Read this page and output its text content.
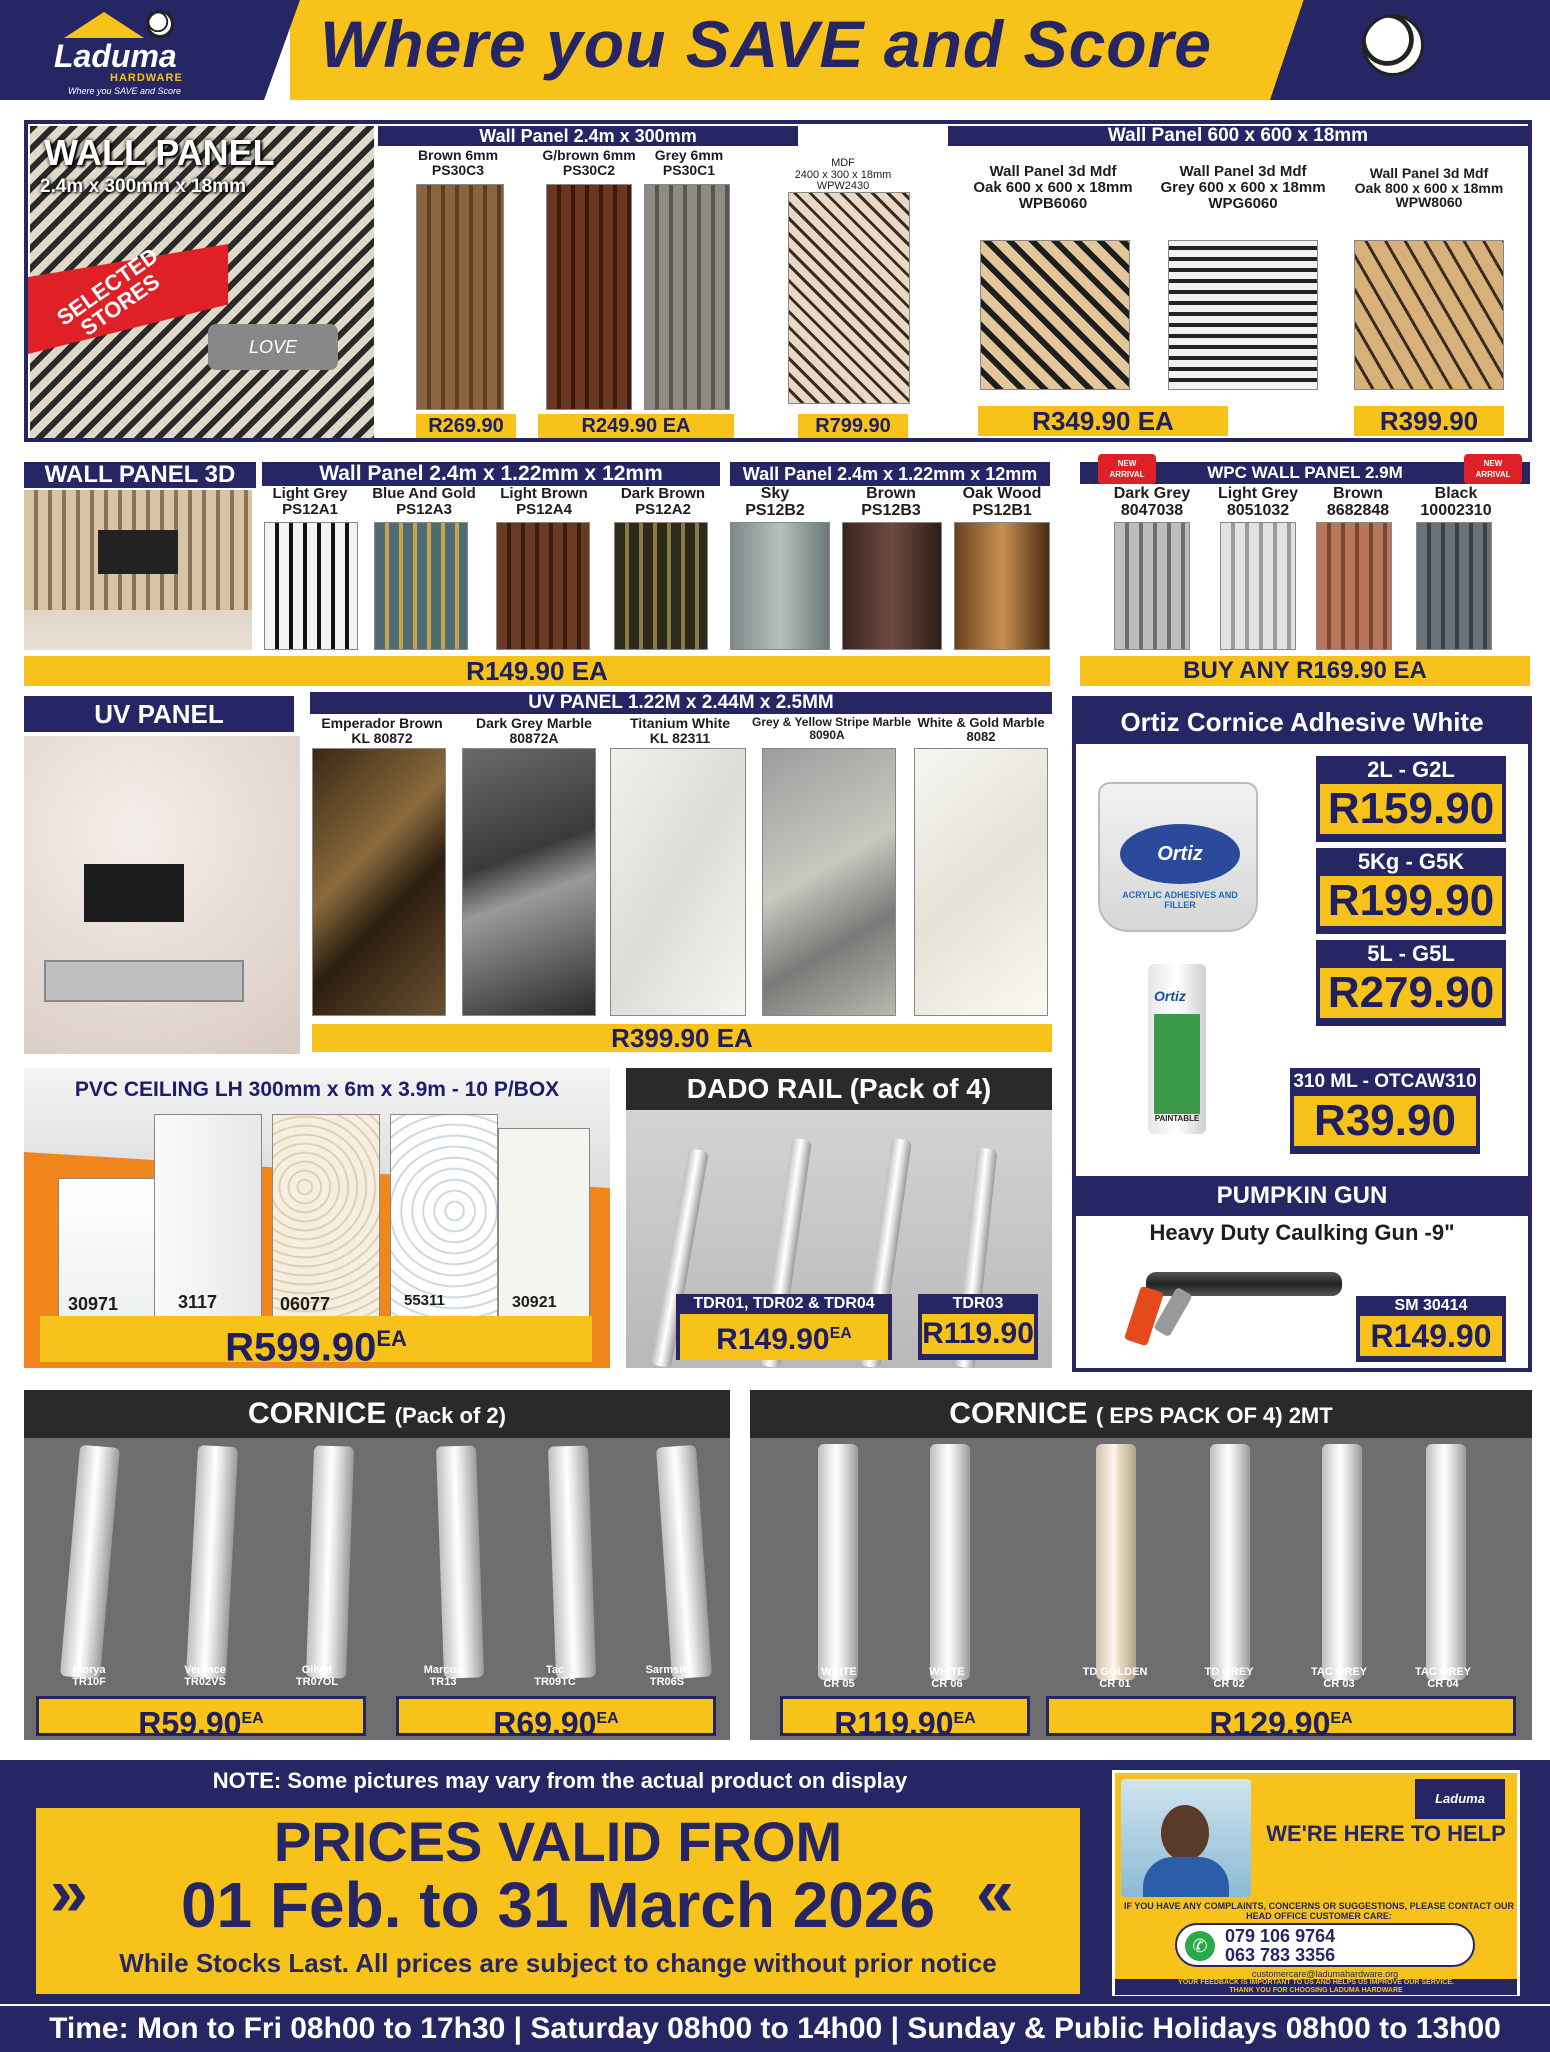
Laduma
HARDWARE
Where you SAVE and Score
Where you SAVE and Score
LOVE
SELECTED STORES
WALL PANEL
2.4m x 300mm x 18mm
Wall Panel 2.4m x 300mm	Wall Panel 600 x 600 x 18mm
Brown 6mm
PS30C3
G/brown 6mm
PS30C2
Grey 6mm
PS30C1	MDF
2400 x 300 x 18mm
WPW2430
R269.90	R249.90 EA	R799.90
Wall Panel 3d Mdf
Oak 600 x 600 x 18mm
WPB6060
Wall Panel 3d Mdf
Grey 600 x 600 x 18mm
WPG6060
Wall Panel 3d Mdf
Oak 800 x 600 x 18mm
WPW8060
R349.90 EA	R399.90
WALL PANEL 3D	Wall Panel 2.4m x 1.22mm x 12mm	Wall Panel 2.4m x 1.22mm x 12mm
Light Grey
PS12A1
Blue And Gold
PS12A3
Light Brown
PS12A4
Dark Brown
PS12A2
Sky
PS12B2
Brown
PS12B3
Oak Wood
PS12B1
R149.90 EA
WPC WALL PANEL 2.9M
NEW
ARRIVAL
NEW
ARRIVAL
Dark Grey
8047038
Light Grey
8051032
Brown
8682848
Black
10002310
BUY ANY R169.90 EA
UV PANEL	UV PANEL 1.22M x 2.44M x 2.5MM
Emperador Brown
KL 80872
Dark Grey Marble
80872A
Titanium White
KL 82311
Grey & Yellow Stripe Marble
8090A
White & Gold Marble
8082
R399.90 EA
Ortiz Cornice Adhesive White
Ortiz
ACRYLIC ADHESIVES AND FILLER
Ortiz
PAINTABLE
2L - G2L
R159.90
5Kg - G5K
R199.90
5L - G5L
R279.90
310 ML - OTCAW310
R39.90
PUMPKIN GUN
Heavy Duty Caulking Gun -9"
SM 30414
R149.90
PVC CEILING LH 300mm x 6m x 3.9m - 10 P/BOX
30971	3117	06077	55311	30921
$R599.90^{EA}$
DADO RAIL (Pack of 4)
TDR01, TDR02 & TDR04
$R149.90^{EA}$
TDR03
R119.90
CORNICE (Pack of 2)
Florya
TR10F
Versace
TR02VS
Olivet
TR07OL
Marcus
TR13
Tac
TR09TC
Sarmsik
TR06S
$R59.90^{EA}$	$R69.90^{EA}$
CORNICE ( EPS PACK OF 4) 2MT
WHITE
CR 05
WHITE
CR 06
TD GOLDEN
CR 01
TD GREY
CR 02
TAC GREY
CR 03
TAC GREY
CR 04
$R119.90^{EA}$	$R129.90^{EA}$
NOTE: Some pictures may vary from the actual product on display
»	«
PRICES VALID FROM
01 Feb. to 31 March 2026
While Stocks Last. All prices are subject to change without prior notice
Laduma
WE'RE HERE TO HELP
IF YOU HAVE ANY COMPLAINTS, CONCERNS OR SUGGESTIONS, PLEASE CONTACT OUR HEAD OFFICE CUSTOMER CARE:
✆ 079 106 9764
063 783 3356
customercare@ladumahardware.org
YOUR FEEDBACK IS IMPORTANT TO US AND HELPS US IMPROVE OUR SERVICE.
THANK YOU FOR CHOOSING LADUMA HARDWARE
Time: Mon to Fri 08h00 to 17h30 | Saturday 08h00 to 14h00 | Sunday & Public Holidays 08h00 to 13h00
